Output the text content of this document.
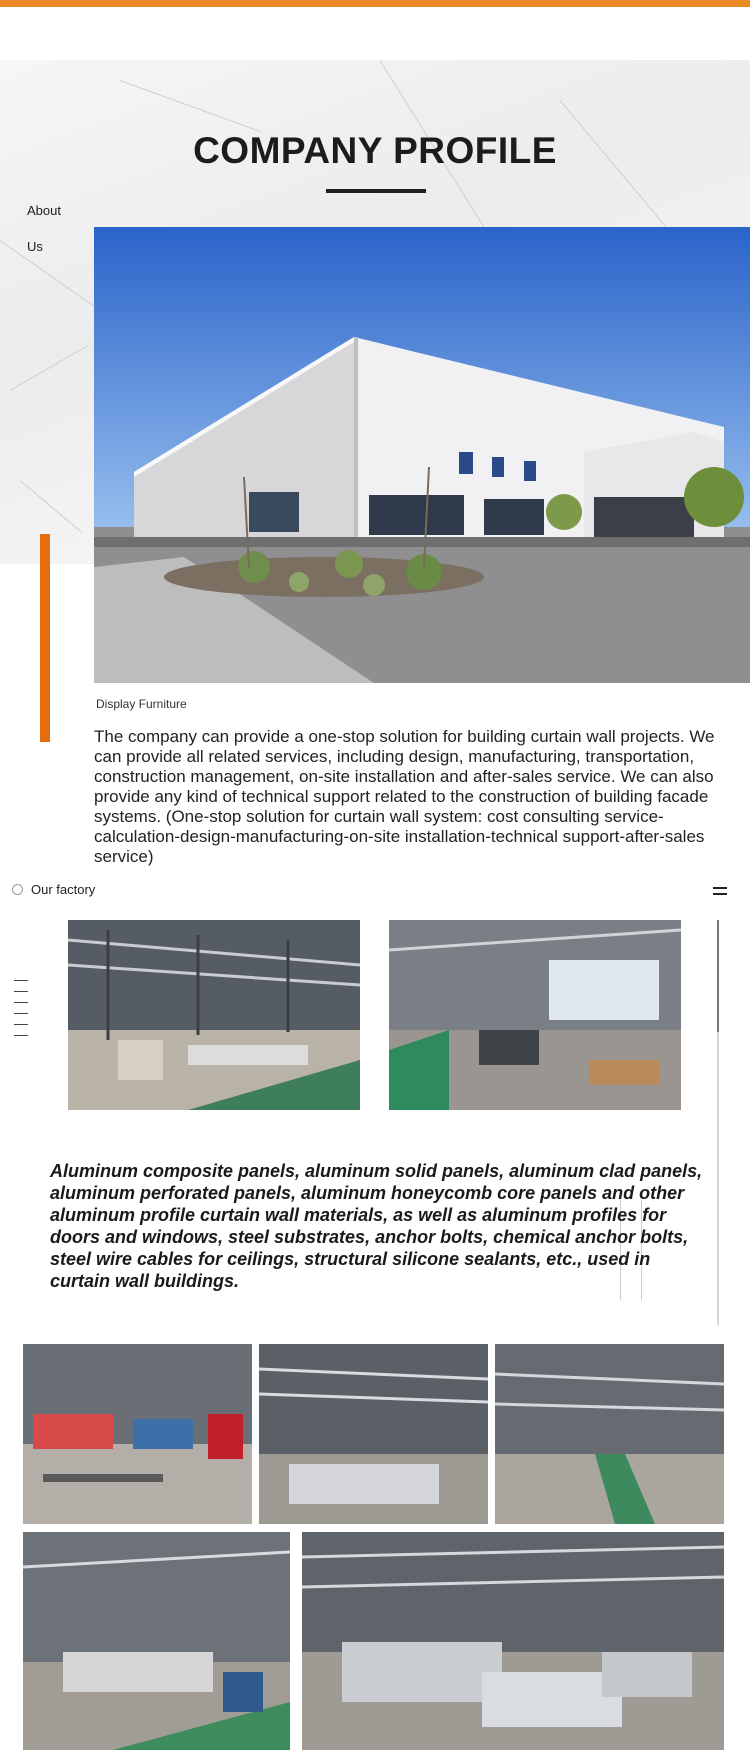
COMPANY PROFILE
About
Us
Display Furniture

The company can provide a one-stop solution for building curtain wall projects. We can provide all related services, including design, manufacturing, transportation, construction management, on-site installation and after-sales service. We can also provide any kind of technical support related to the construction of building facade systems. (One-stop solution for curtain wall system: cost consulting service-calculation-design-manufacturing-on-site installation-technical support-after-sales service)

Our factory

Aluminum composite panels, aluminum solid panels, aluminum clad panels, aluminum perforated panels, aluminum honeycomb core panels and other aluminum profile curtain wall materials, as well as aluminum profiles for doors and windows, steel substrates, anchor bolts, chemical anchor bolts, steel wire cables for ceilings, structural silicone sealants, etc., used in curtain wall buildings.
